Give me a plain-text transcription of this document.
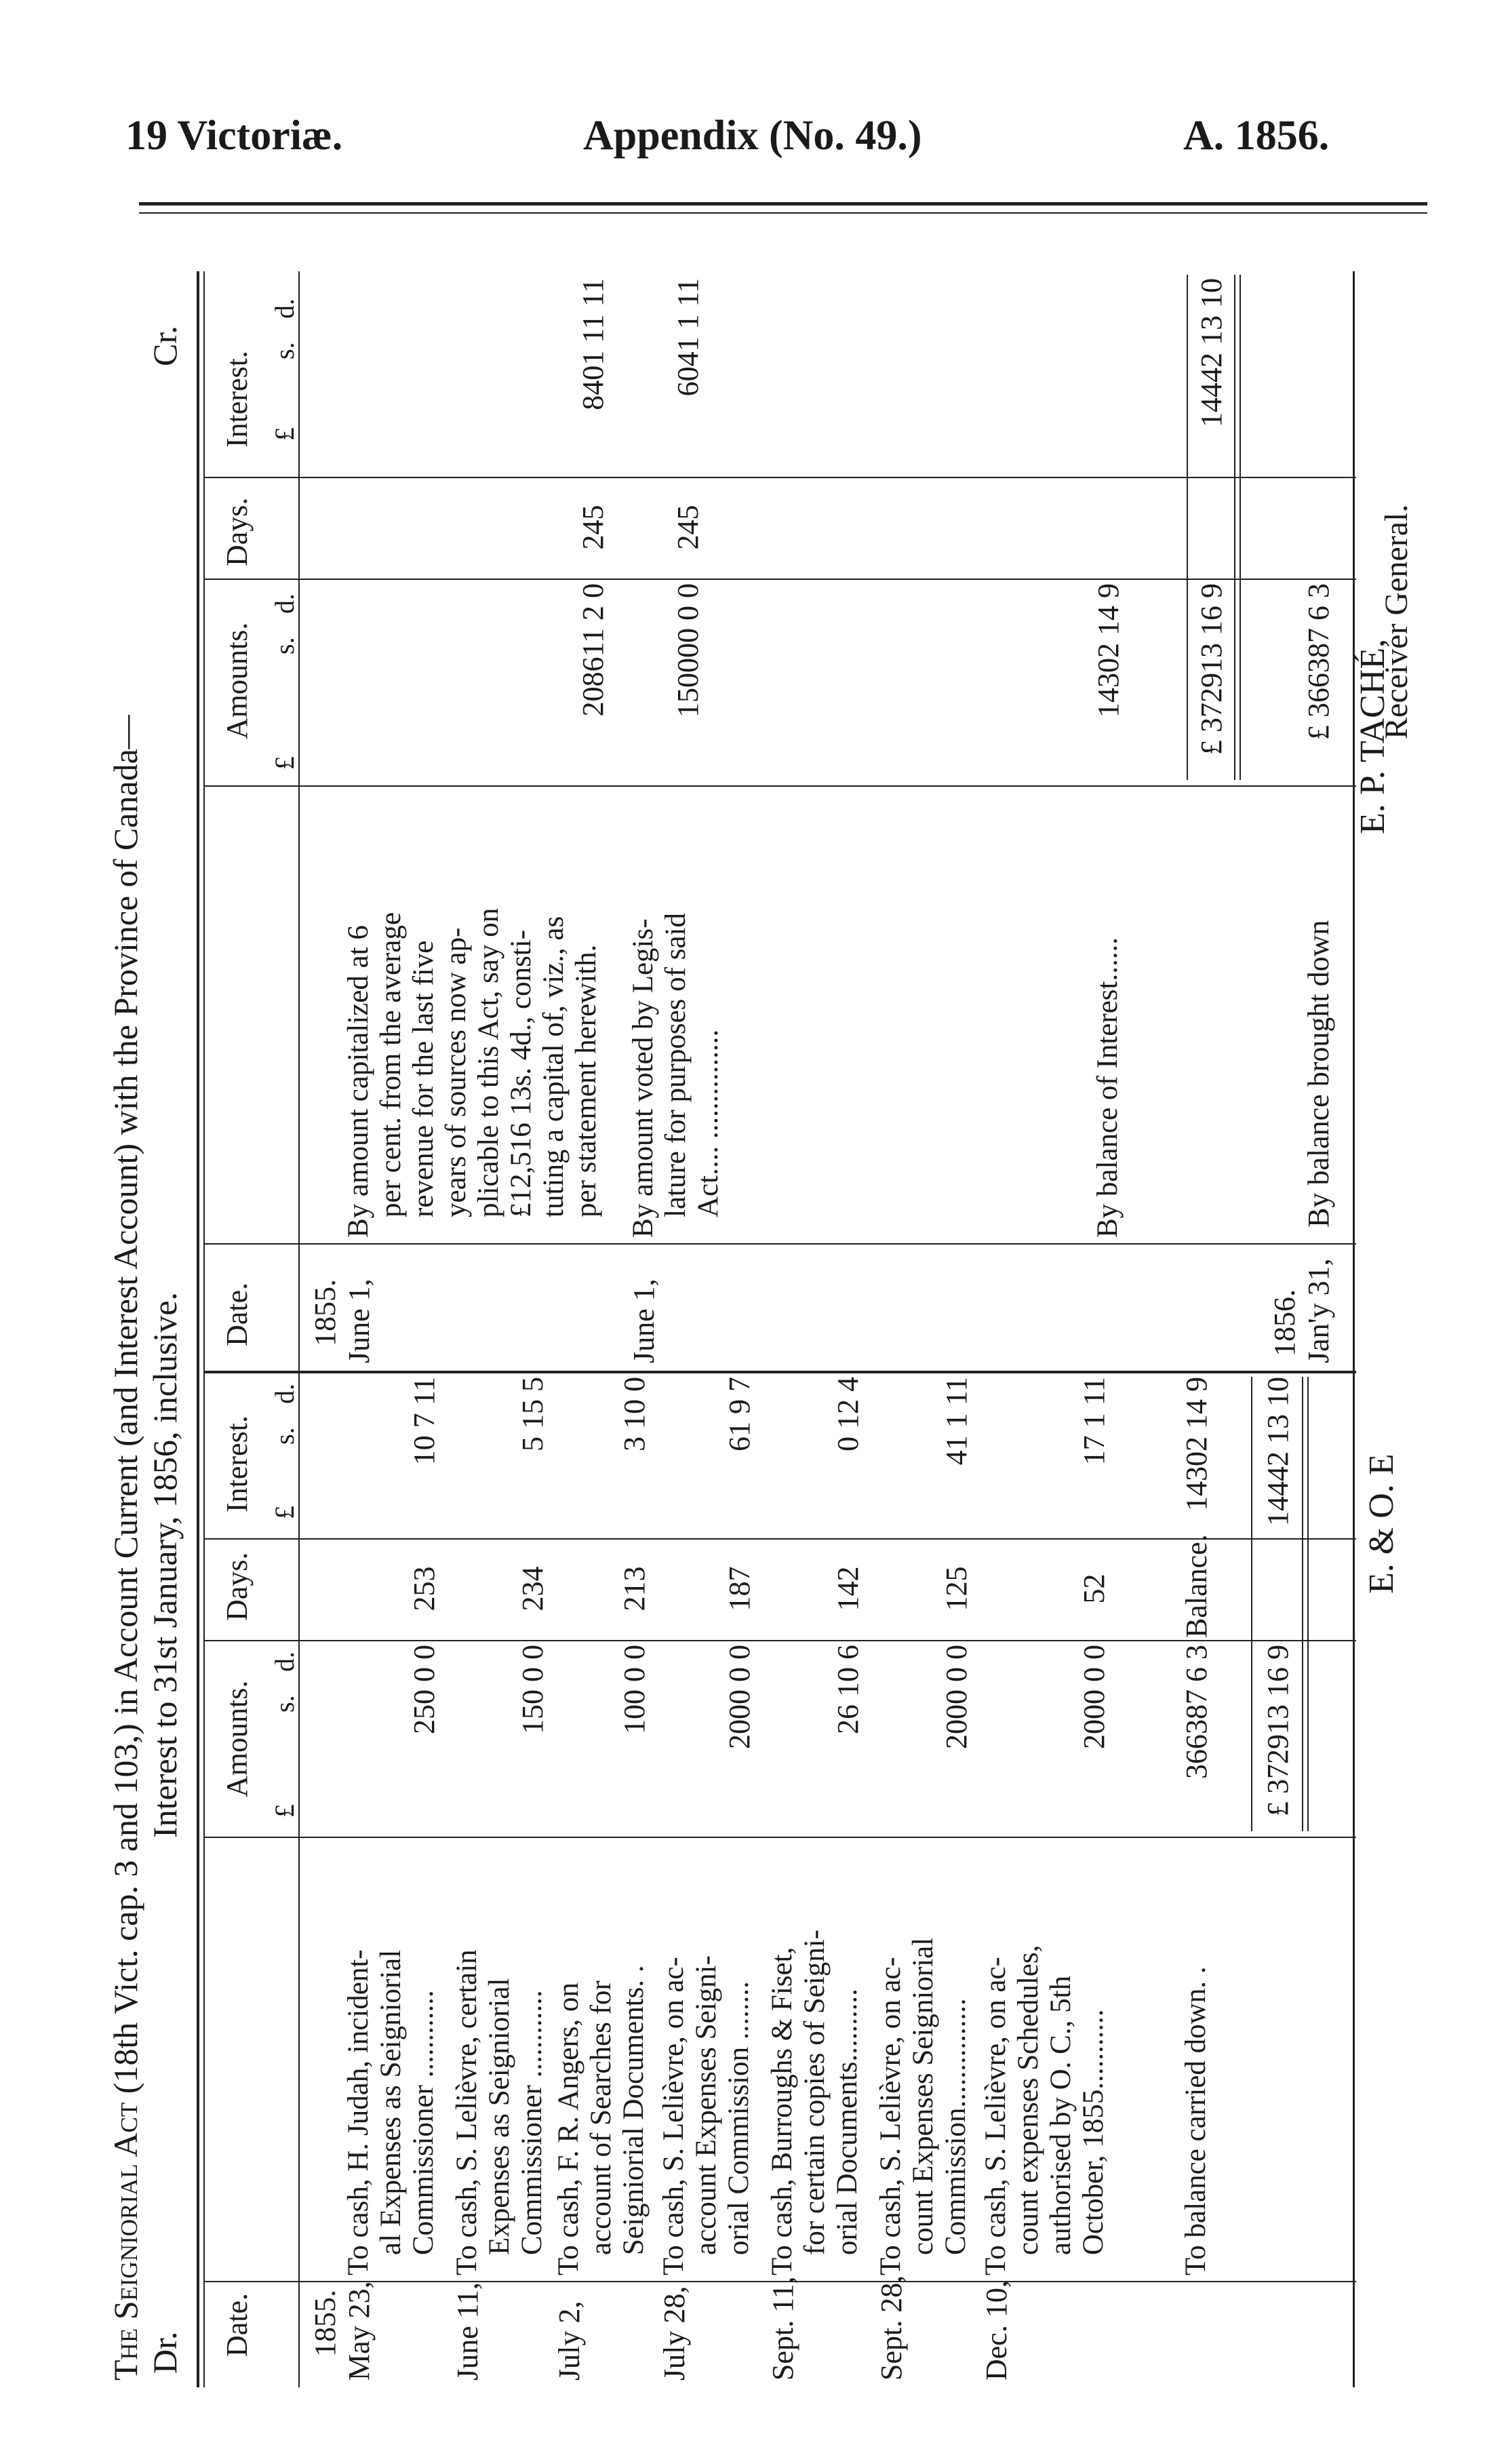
19 Victoriæ.	Appendix (No. 49.)	A. 1856.
The Seigniorial Act (18th Vict. cap. 3 and 103,) in Account Current (and Interest Account) with the Province of Canada—
Dr.
Interest to 31st January, 1856, inclusive.
Cr.
Date.
Amounts.
Days.
Interest.
£
s.
d.
£
s.
d.
Date.
Amounts.
Days.
Interest.
£
s.
d.
£
s.
d.
1855.
1855.
May 23,
To cash, H. Judah, incident- al Expenses as Seigniorial Commissioner ............
250 0 0
253
10 7 11
June 11,
To cash, S. Lelièvre, certain Expenses as Seigniorial Commissioner ............
150 0 0
234
5 15 5
July 2,
To cash, F. R. Angers, on account of Searches for Seigniorial Documents. .
100 0 0
213
3 10 0
July 28,
To cash, S. Lelièvre, on ac- account Expenses Seigni- orial Commission ........
2000 0 0
187
61 9 7
Sept. 11,
To cash, Burroughs & Fiset, for certain copies of Seigni- orial Documents..........
26 10 6
142
0 12 4
Sept. 28,
To cash, S. Lelièvre, on ac- count Expenses Seigniorial Commission...............
2000 0 0
125
41 1 11
Dec. 10,
To cash, S. Lelièvre, on ac- count expenses Schedules, authorised by O. C., 5th October, 1855...........
2000 0 0
52
17 1 11
To balance carried down. .
366387 6 3
Balance.
14302 14 9
June 1,
By amount capitalized at 6 per cent. from the average revenue for the last five years of sources now ap- plicable to this Act, say on £12,516 13s. 4d., consti- tuting a capital of, viz., as per statement herewith.
208611 2 0
245
8401 11 11
June 1,
By amount voted by Legis- lature for purposes of said Act.... ...............
150000 0 0
245
6041 1 11
By balance of Interest......
14302 14 9
£ 372913 16 9
14442 13 10
£ 372913 16 9
14442 13 10
1856. Jan'y 31,
By balance brought down
£ 366387 6 3
E. & O. E
E. P. TACHÉ,
Receiver General.
